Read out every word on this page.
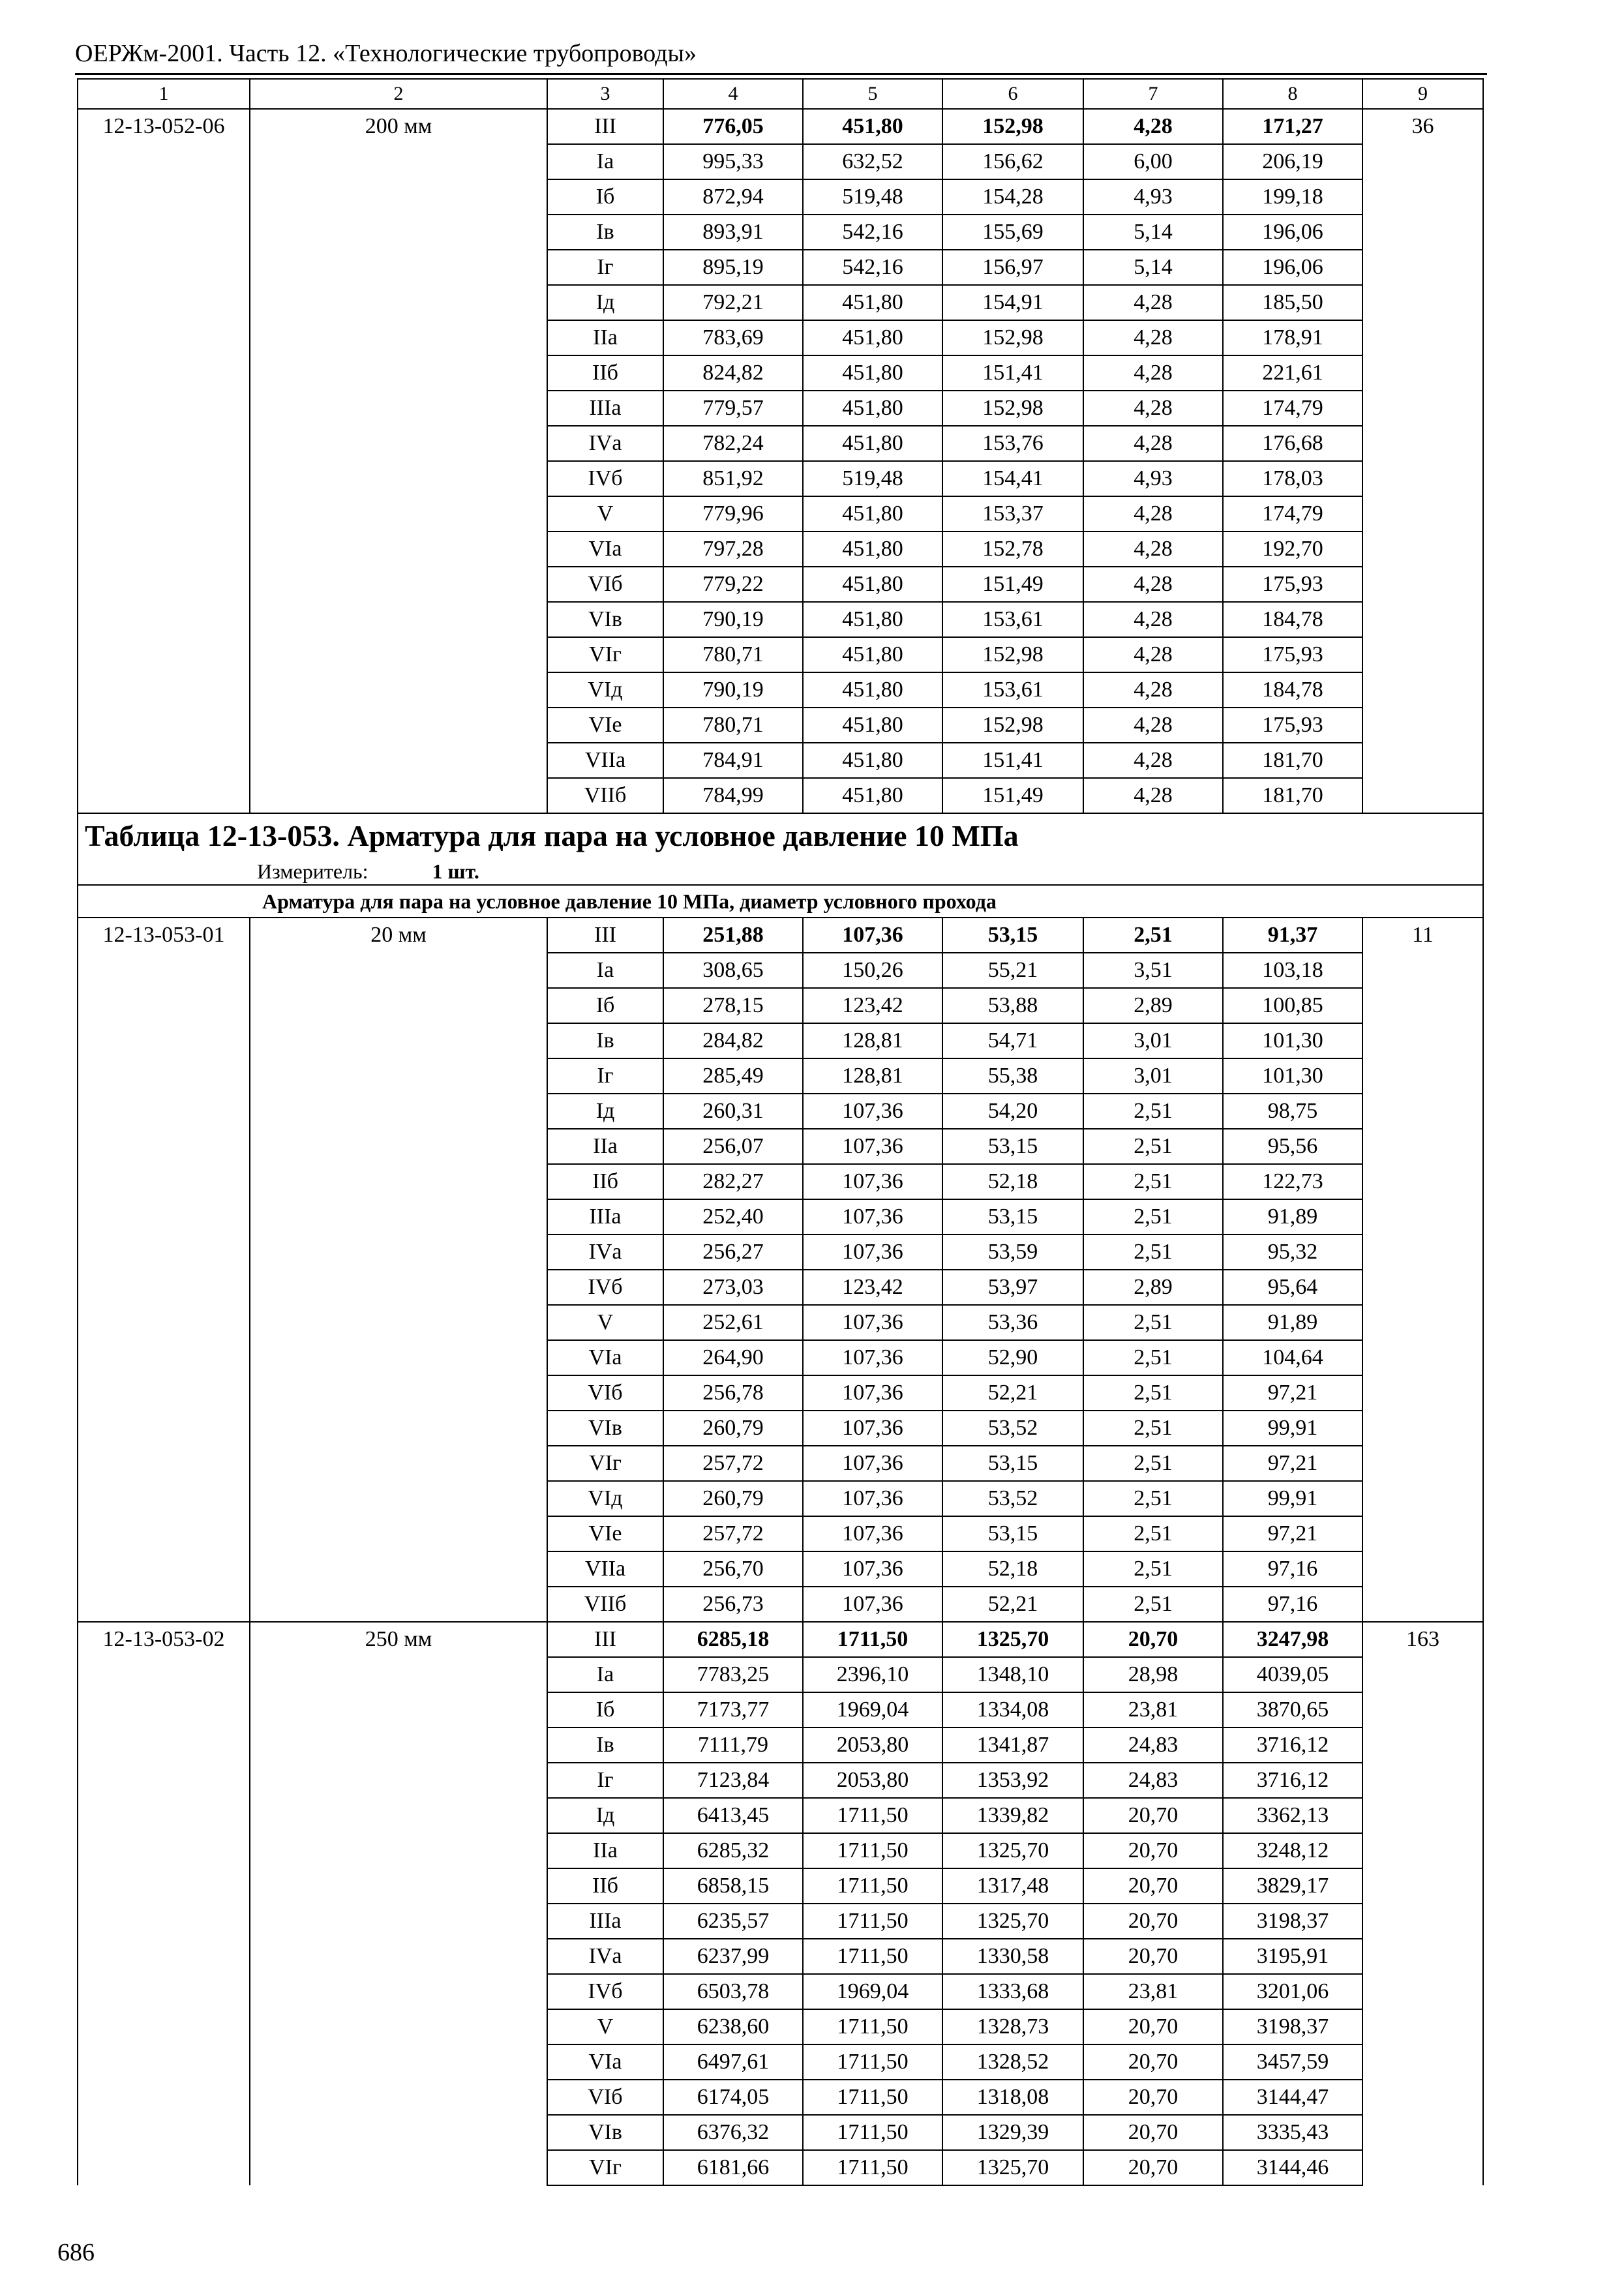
ОЕРЖм-2001. Часть 12. «Технологические трубопроводы»
1	2	3	4	5	6	7	8	9
12-13-052-06	200 мм	III	776,05	451,80	152,98	4,28	171,27	36
		Iа	995,33	632,52	156,62	6,00	206,19	
		Iб	872,94	519,48	154,28	4,93	199,18	
		Iв	893,91	542,16	155,69	5,14	196,06	
		Iг	895,19	542,16	156,97	5,14	196,06	
		Iд	792,21	451,80	154,91	4,28	185,50	
		IIа	783,69	451,80	152,98	4,28	178,91	
		IIб	824,82	451,80	151,41	4,28	221,61	
		IIIа	779,57	451,80	152,98	4,28	174,79	
		IVа	782,24	451,80	153,76	4,28	176,68	
		IVб	851,92	519,48	154,41	4,93	178,03	
		V	779,96	451,80	153,37	4,28	174,79	
		VIа	797,28	451,80	152,78	4,28	192,70	
		VIб	779,22	451,80	151,49	4,28	175,93	
		VIв	790,19	451,80	153,61	4,28	184,78	
		VIг	780,71	451,80	152,98	4,28	175,93	
		VIд	790,19	451,80	153,61	4,28	184,78	
		VIе	780,71	451,80	152,98	4,28	175,93	
		VIIа	784,91	451,80	151,41	4,28	181,70	
		VIIб	784,99	451,80	151,49	4,28	181,70	
Таблица 12-13-053. Арматура для пара на условное давление 10 МПа								
Измеритель: 1 шт.								
Арматура для пара на условное давление 10 МПа, диаметр условного прохода								
12-13-053-01	20 мм	III	251,88	107,36	53,15	2,51	91,37	11
		Iа	308,65	150,26	55,21	3,51	103,18	
		Iб	278,15	123,42	53,88	2,89	100,85	
		Iв	284,82	128,81	54,71	3,01	101,30	
		Iг	285,49	128,81	55,38	3,01	101,30	
		Iд	260,31	107,36	54,20	2,51	98,75	
		IIа	256,07	107,36	53,15	2,51	95,56	
		IIб	282,27	107,36	52,18	2,51	122,73	
		IIIа	252,40	107,36	53,15	2,51	91,89	
		IVа	256,27	107,36	53,59	2,51	95,32	
		IVб	273,03	123,42	53,97	2,89	95,64	
		V	252,61	107,36	53,36	2,51	91,89	
		VIа	264,90	107,36	52,90	2,51	104,64	
		VIб	256,78	107,36	52,21	2,51	97,21	
		VIв	260,79	107,36	53,52	2,51	99,91	
		VIг	257,72	107,36	53,15	2,51	97,21	
		VIд	260,79	107,36	53,52	2,51	99,91	
		VIе	257,72	107,36	53,15	2,51	97,21	
		VIIа	256,70	107,36	52,18	2,51	97,16	
		VIIб	256,73	107,36	52,21	2,51	97,16	
12-13-053-02	250 мм	III	6285,18	1711,50	1325,70	20,70	3247,98	163
		Iа	7783,25	2396,10	1348,10	28,98	4039,05	
		Iб	7173,77	1969,04	1334,08	23,81	3870,65	
		Iв	7111,79	2053,80	1341,87	24,83	3716,12	
		Iг	7123,84	2053,80	1353,92	24,83	3716,12	
		Iд	6413,45	1711,50	1339,82	20,70	3362,13	
		IIа	6285,32	1711,50	1325,70	20,70	3248,12	
		IIб	6858,15	1711,50	1317,48	20,70	3829,17	
		IIIа	6235,57	1711,50	1325,70	20,70	3198,37	
		IVа	6237,99	1711,50	1330,58	20,70	3195,91	
		IVб	6503,78	1969,04	1333,68	23,81	3201,06	
		V	6238,60	1711,50	1328,73	20,70	3198,37	
		VIа	6497,61	1711,50	1328,52	20,70	3457,59	
		VIб	6174,05	1711,50	1318,08	20,70	3144,47	
		VIв	6376,32	1711,50	1329,39	20,70	3335,43	
		VIг	6181,66	1711,50	1325,70	20,70	3144,46	
686
